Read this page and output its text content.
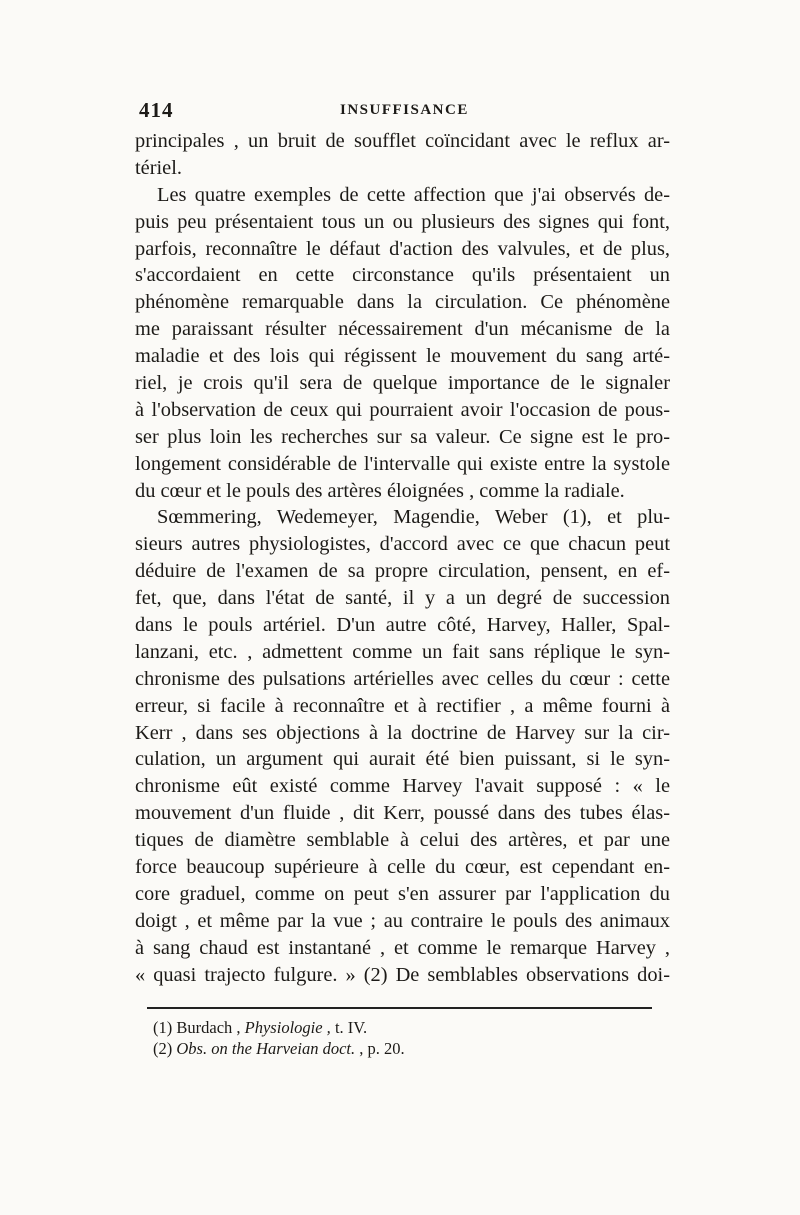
414	INSUFFISANCE
principales , un bruit de soufflet coïncidant avec le reflux ar-
tériel.
Les quatre exemples de cette affection que j'ai observés de-
puis peu présentaient tous un ou plusieurs des signes qui font,
parfois, reconnaître le défaut d'action des valvules, et de plus,
s'accordaient en cette circonstance qu'ils présentaient un
phénomène remarquable dans la circulation. Ce phénomène
me paraissant résulter nécessairement d'un mécanisme de la
maladie et des lois qui régissent le mouvement du sang arté-
riel, je crois qu'il sera de quelque importance de le signaler
à l'observation de ceux qui pourraient avoir l'occasion de pous-
ser plus loin les recherches sur sa valeur. Ce signe est le pro-
longement considérable de l'intervalle qui existe entre la systole
du cœur et le pouls des artères éloignées , comme la radiale.
Sœmmering, Wedemeyer, Magendie, Weber (1), et plu-
sieurs autres physiologistes, d'accord avec ce que chacun peut
déduire de l'examen de sa propre circulation, pensent, en ef-
fet, que, dans l'état de santé, il y a un degré de succession
dans le pouls artériel. D'un autre côté, Harvey, Haller, Spal-
lanzani, etc. , admettent comme un fait sans réplique le syn-
chronisme des pulsations artérielles avec celles du cœur : cette
erreur, si facile à reconnaître et à rectifier , a même fourni à
Kerr , dans ses objections à la doctrine de Harvey sur la cir-
culation, un argument qui aurait été bien puissant, si le syn-
chronisme eût existé comme Harvey l'avait supposé : « le
mouvement d'un fluide , dit Kerr, poussé dans des tubes élas-
tiques de diamètre semblable à celui des artères, et par une
force beaucoup supérieure à celle du cœur, est cependant en-
core graduel, comme on peut s'en assurer par l'application du
doigt , et même par la vue ; au contraire le pouls des animaux
à sang chaud est instantané , et comme le remarque Harvey ,
« quasi trajecto fulgure. » (2) De semblables observations doi-
(1) Burdach , Physiologie , t. IV.
(2) Obs. on the Harveian doct. , p. 20.
